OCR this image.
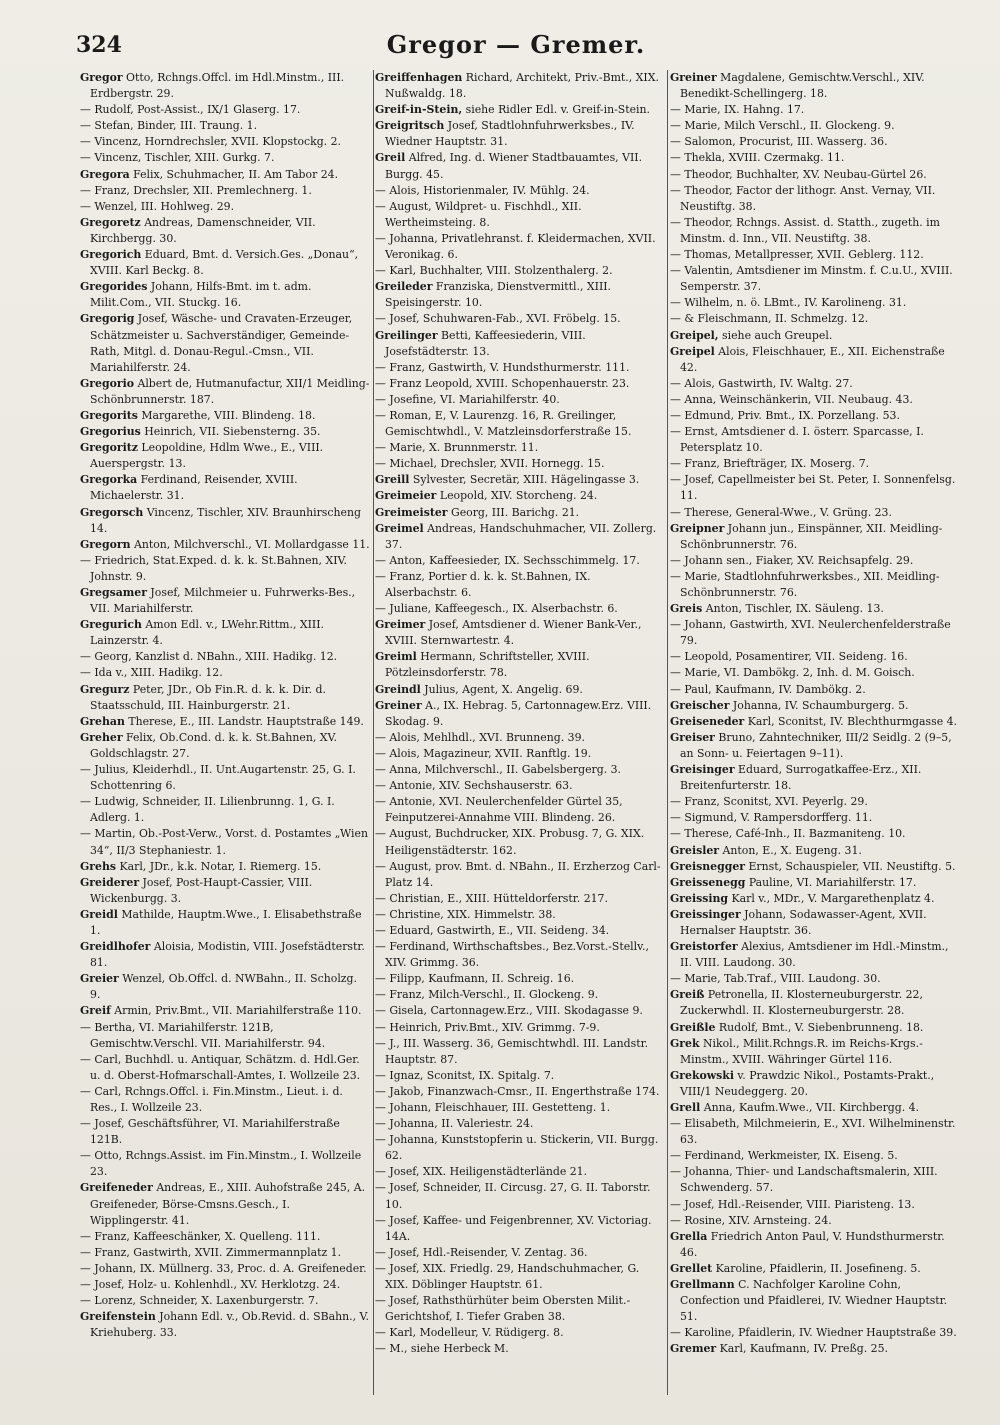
324	Gregor — Gremer.

Gregor Otto, Rchngs.Offcl. im Hdl.Minstm., III. Erdbergstr. 29.

— Rudolf, Post-Assist., IX/1 Glaserg. 17.

— Stefan, Binder, III. Traung. 1.

— Vincenz, Horndrechsler, XVII. Klopstockg. 2.

— Vincenz, Tischler, XIII. Gurkg. 7.

Gregora Felix, Schuhmacher, II. Am Tabor 24.

— Franz, Drechsler, XII. Premlechnerg. 1.

— Wenzel, III. Hohlweg. 29.

Gregoretz Andreas, Damenschneider, VII. Kirchbergg. 30.

Gregorich Eduard, Bmt. d. Versich.Ges. „Donau“, XVIII. Karl Beckg. 8.

Gregorides Johann, Hilfs-Bmt. im t. adm. Milit.Com., VII. Stuckg. 16.

Gregorig Josef, Wäsche- und Cravaten-Erzeuger, Schätzmeister u. Sachverständiger, Gemeinde-Rath, Mitgl. d. Donau-Regul.-Cmsn., VII. Mariahilferstr. 24.

Gregorio Albert de, Hutmanufactur, XII/1 Meidling-Schönbrunnerstr. 187.

Gregorits Margarethe, VIII. Blindeng. 18.

Gregorius Heinrich, VII. Siebensterng. 35.

Gregoritz Leopoldine, Hdlm Wwe., E., VIII. Auerspergstr. 13.

Gregorka Ferdinand, Reisender, XVIII. Michaelerstr. 31.

Gregorsch Vincenz, Tischler, XIV. Braunhirscheng 14.

Gregorn Anton, Milchverschl., VI. Mollardgasse 11.

— Friedrich, Stat.Exped. d. k. k. St.Bahnen, XIV. Johnstr. 9.

Gregsamer Josef, Milchmeier u. Fuhrwerks-Bes., VII. Mariahilferstr.

Gregurich Amon Edl. v., LWehr.Rittm., XIII. Lainzerstr. 4.

— Georg, Kanzlist d. NBahn., XIII. Hadikg. 12.

— Ida v., XIII. Hadikg. 12.

Gregurz Peter, JDr., Ob Fin.R. d. k. k. Dir. d. Staatsschuld, III. Hainburgerstr. 21.

Grehan Therese, E., III. Landstr. Hauptstraße 149.

Greher Felix, Ob.Cond. d. k. k. St.Bahnen, XV. Goldschlagstr. 27.

— Julius, Kleiderhdl., II. Unt.Augartenstr. 25, G. I. Schottenring 6.

— Ludwig, Schneider, II. Lilienbrunng. 1, G. I. Adlerg. 1.

— Martin, Ob.-Post-Verw., Vorst. d. Postamtes „Wien 34“, II/3 Stephaniestr. 1.

Grehs Karl, JDr., k.k. Notar, I. Riemerg. 15.

Greiderer Josef, Post-Haupt-Cassier, VIII. Wickenburgg. 3.

Greidl Mathilde, Hauptm.Wwe., I. Elisabethstraße 1.

Greidlhofer Aloisia, Modistin, VIII. Josefstädterstr. 81.

Greier Wenzel, Ob.Offcl. d. NWBahn., II. Scholzg. 9.

Greif Armin, Priv.Bmt., VII. Mariahilferstraße 110.

— Bertha, VI. Mariahilferstr. 121B, Gemischtw.Verschl. VII. Mariahilferstr. 94.

— Carl, Buchhdl. u. Antiquar, Schätzm. d. Hdl.Ger. u. d. Oberst-Hofmarschall-Amtes, I. Wollzeile 23.

— Carl, Rchngs.Offcl. i. Fin.Minstm., Lieut. i. d. Res., I. Wollzeile 23.

— Josef, Geschäftsführer, VI. Mariahilferstraße 121B.

— Otto, Rchngs.Assist. im Fin.Minstm., I. Wollzeile 23.

Greifeneder Andreas, E., XIII. Auhofstraße 245, A. Greifeneder, Börse-Cmsns.Gesch., I. Wipplingerstr. 41.

— Franz, Kaffeeschänker, X. Quelleng. 111.

— Franz, Gastwirth, XVII. Zimmermannplatz 1.

— Johann, IX. Müllnerg. 33, Proc. d. A. Greifeneder.

— Josef, Holz- u. Kohlenhdl., XV. Herklotzg. 24.

— Lorenz, Schneider, X. Laxenburgerstr. 7.

Greifenstein Johann Edl. v., Ob.Revid. d. SBahn., V. Kriehuberg. 33.

Greiffenhagen Richard, Architekt, Priv.-Bmt., XIX. Nußwaldg. 18.

Greif-in-Stein, siehe Ridler Edl. v. Greif-in-Stein.

Greigritsch Josef, Stadtlohnfuhrwerksbes., IV. Wiedner Hauptstr. 31.

Greil Alfred, Ing. d. Wiener Stadtbauamtes, VII. Burgg. 45.

— Alois, Historienmaler, IV. Mühlg. 24.

— August, Wildpret- u. Fischhdl., XII. Wertheimsteing. 8.

— Johanna, Privatlehranst. f. Kleidermachen, XVII. Veronikag. 6.

— Karl, Buchhalter, VIII. Stolzenthalerg. 2.

Greileder Franziska, Dienstvermittl., XIII. Speisingerstr. 10.

— Josef, Schuhwaren-Fab., XVI. Fröbelg. 15.

Greilinger Betti, Kaffeesiederin, VIII. Josefstädterstr. 13.

— Franz, Gastwirth, V. Hundsthurmerstr. 111.

— Franz Leopold, XVIII. Schopenhauerstr. 23.

— Josefine, VI. Mariahilferstr. 40.

— Roman, E, V. Laurenzg. 16, R. Greilinger, Gemischtwhdl., V. Matzleinsdorferstraße 15.

— Marie, X. Brunnmerstr. 11.

— Michael, Drechsler, XVII. Hornegg. 15.

Greill Sylvester, Secretär, XIII. Hägelingasse 3.

Greimeier Leopold, XIV. Storcheng. 24.

Greimeister Georg, III. Barichg. 21.

Greimel Andreas, Handschuhmacher, VII. Zollerg. 37.

— Anton, Kaffeesieder, IX. Sechsschimmelg. 17.

— Franz, Portier d. k. k. St.Bahnen, IX. Alserbachstr. 6.

— Juliane, Kaffeegesch., IX. Alserbachstr. 6.

Greimer Josef, Amtsdiener d. Wiener Bank-Ver., XVIII. Sternwartestr. 4.

Greiml Hermann, Schriftsteller, XVIII. Pötzleinsdorferstr. 78.

Greindl Julius, Agent, X. Angelig. 69.

Greiner A., IX. Hebrag. 5, Cartonnagew.Erz. VIII. Skodag. 9.

— Alois, Mehlhdl., XVI. Brunneng. 39.

— Alois, Magazineur, XVII. Ranftlg. 19.

— Anna, Milchverschl., II. Gabelsbergerg. 3.

— Antonie, XIV. Sechshauserstr. 63.

— Antonie, XVI. Neulerchenfelder Gürtel 35, Feinputzerei-Annahme VIII. Blindeng. 26.

— August, Buchdrucker, XIX. Probusg. 7, G. XIX. Heiligenstädterstr. 162.

— August, prov. Bmt. d. NBahn., II. Erzherzog Carl-Platz 14.

— Christian, E., XIII. Hütteldorferstr. 217.

— Christine, XIX. Himmelstr. 38.

— Eduard, Gastwirth, E., VII. Seideng. 34.

— Ferdinand, Wirthschaftsbes., Bez.Vorst.-Stellv., XIV. Grimmg. 36.

— Filipp, Kaufmann, II. Schreig. 16.

— Franz, Milch-Verschl., II. Glockeng. 9.

— Gisela, Cartonnagew.Erz., VIII. Skodagasse 9.

— Heinrich, Priv.Bmt., XIV. Grimmg. 7-9.

— J., III. Wasserg. 36, Gemischtwhdl. III. Landstr. Hauptstr. 87.

— Ignaz, Sconitst, IX. Spitalg. 7.

— Jakob, Finanzwach-Cmsr., II. Engerthstraße 174.

— Johann, Fleischhauer, III. Gestetteng. 1.

— Johanna, II. Valeriestr. 24.

— Johanna, Kunststopferin u. Stickerin, VII. Burgg. 62.

— Josef, XIX. Heiligenstädterlände 21.

— Josef, Schneider, II. Circusg. 27, G. II. Taborstr. 10.

— Josef, Kaffee- und Feigenbrenner, XV. Victoriag. 14A.

— Josef, Hdl.-Reisender, V. Zentag. 36.

— Josef, XIX. Friedlg. 29, Handschuhmacher, G. XIX. Döblinger Hauptstr. 61.

— Josef, Rathsthürhüter beim Obersten Milit.-Gerichtshof, I. Tiefer Graben 38.

— Karl, Modelleur, V. Rüdigerg. 8.

— M., siehe Herbeck M.

Greiner Magdalene, Gemischtw.Verschl., XIV. Benedikt-Schellingerg. 18.

— Marie, IX. Hahng. 17.

— Marie, Milch Verschl., II. Glockeng. 9.

— Salomon, Procurist, III. Wasserg. 36.

— Thekla, XVIII. Czermakg. 11.

— Theodor, Buchhalter, XV. Neubau-Gürtel 26.

— Theodor, Factor der lithogr. Anst. Vernay, VII. Neustiftg. 38.

— Theodor, Rchngs. Assist. d. Statth., zugeth. im Minstm. d. Inn., VII. Neustiftg. 38.

— Thomas, Metallpresser, XVII. Geblerg. 112.

— Valentin, Amtsdiener im Minstm. f. C.u.U., XVIII. Semperstr. 37.

— Wilhelm, n. ö. LBmt., IV. Karolineng. 31.

— & Fleischmann, II. Schmelzg. 12.

Greipel, siehe auch Greupel.

Greipel Alois, Fleischhauer, E., XII. Eichenstraße 42.

— Alois, Gastwirth, IV. Waltg. 27.

— Anna, Weinschänkerin, VII. Neubaug. 43.

— Edmund, Priv. Bmt., IX. Porzellang. 53.

— Ernst, Amtsdiener d. I. österr. Sparcasse, I. Petersplatz 10.

— Franz, Briefträger, IX. Moserg. 7.

— Josef, Capellmeister bei St. Peter, I. Sonnenfelsg. 11.

— Therese, General-Wwe., V. Grüng. 23.

Greipner Johann jun., Einspänner, XII. Meidling-Schönbrunnerstr. 76.

— Johann sen., Fiaker, XV. Reichsapfelg. 29.

— Marie, Stadtlohnfuhrwerksbes., XII. Meidling-Schönbrunnerstr. 76.

Greis Anton, Tischler, IX. Säuleng. 13.

— Johann, Gastwirth, XVI. Neulerchenfelderstraße 79.

— Leopold, Posamentirer, VII. Seideng. 16.

— Marie, VI. Dambökg. 2, Inh. d. M. Goisch.

— Paul, Kaufmann, IV. Dambökg. 2.

Greischer Johanna, IV. Schaumburgerg. 5.

Greiseneder Karl, Sconitst, IV. Blechthurmgasse 4.

Greiser Bruno, Zahntechniker, III/2 Seidlg. 2 (9–5, an Sonn- u. Feiertagen 9–11).

Greisinger Eduard, Surrogatkaffee-Erz., XII. Breitenfurterstr. 18.

— Franz, Sconitst, XVI. Peyerlg. 29.

— Sigmund, V. Rampersdorfferg. 11.

— Therese, Café-Inh., II. Bazmaniteng. 10.

Greisler Anton, E., X. Eugeng. 31.

Greisnegger Ernst, Schauspieler, VII. Neustiftg. 5.

Greissenegg Pauline, VI. Mariahilferstr. 17.

Greissing Karl v., MDr., V. Margarethenplatz 4.

Greissinger Johann, Sodawasser-Agent, XVII. Hernalser Hauptstr. 36.

Greistorfer Alexius, Amtsdiener im Hdl.-Minstm., II. VIII. Laudong. 30.

— Marie, Tab.Traf., VIII. Laudong. 30.

Greiß Petronella, II. Klosterneuburgerstr. 22, Zuckerwhdl. II. Klosterneuburgerstr. 28.

Greißle Rudolf, Bmt., V. Siebenbrunneng. 18.

Grek Nikol., Milit.Rchngs.R. im Reichs-Krgs.-Minstm., XVIII. Währinger Gürtel 116.

Grekowski v. Prawdzic Nikol., Postamts-Prakt., VIII/1 Neudeggerg. 20.

Grell Anna, Kaufm.Wwe., VII. Kirchbergg. 4.

— Elisabeth, Milchmeierin, E., XVI. Wilhelminenstr. 63.

— Ferdinand, Werkmeister, IX. Eiseng. 5.

— Johanna, Thier- und Landschaftsmalerin, XIII. Schwenderg. 57.

— Josef, Hdl.-Reisender, VIII. Piaristeng. 13.

— Rosine, XIV. Arnsteing. 24.

Grella Friedrich Anton Paul, V. Hundsthurmerstr. 46.

Grellet Karoline, Pfaidlerin, II. Josefineng. 5.

Grellmann C. Nachfolger Karoline Cohn, Confection und Pfaidlerei, IV. Wiedner Hauptstr. 51.

— Karoline, Pfaidlerin, IV. Wiedner Hauptstraße 39.

Gremer Karl, Kaufmann, IV. Preßg. 25.
